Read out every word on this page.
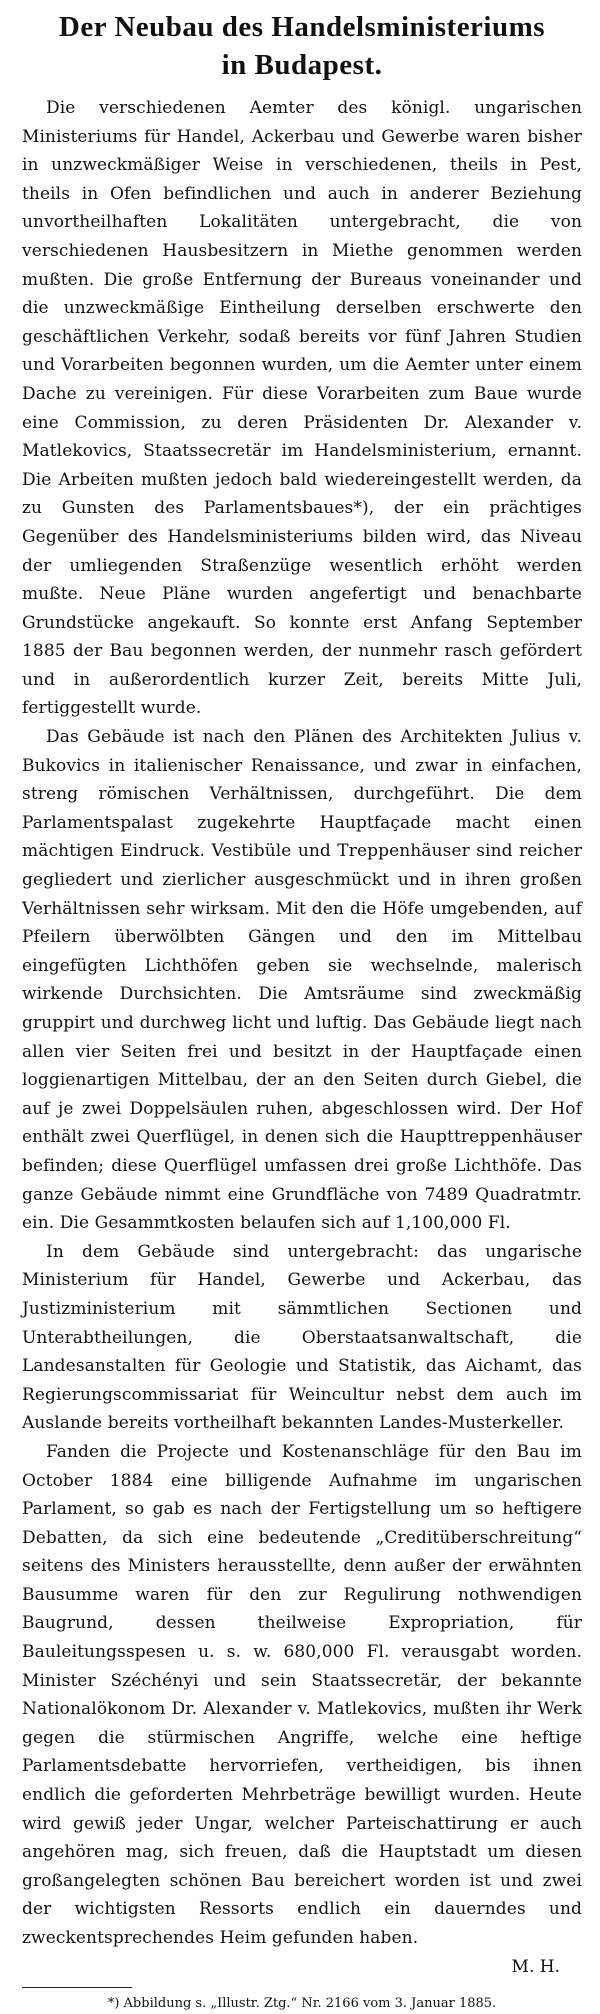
Der Neubau des Handelsministeriums
in Budapest.

Die verschiedenen Aemter des königl. ungarischen Ministeriums für Handel, Ackerbau und Gewerbe waren bisher in unzweckmäßiger Weise in verschiedenen, theils in Pest, theils in Ofen befindlichen und auch in anderer Beziehung unvortheilhaften Lokalitäten untergebracht, die von verschiedenen Hausbesitzern in Miethe genommen werden mußten. Die große Entfernung der Bureaus voneinander und die unzweckmäßige Eintheilung derselben erschwerte den geschäftlichen Verkehr, sodaß bereits vor fünf Jahren Studien und Vorarbeiten begonnen wurden, um die Aemter unter einem Dache zu vereinigen. Für diese Vorarbeiten zum Baue wurde eine Commission, zu deren Präsidenten Dr. Alexander v. Matlekovics, Staatssecretär im Handelsministerium, ernannt. Die Arbeiten mußten jedoch bald wiedereingestellt werden, da zu Gunsten des Parlamentsbaues*), der ein prächtiges Gegenüber des Handelsministeriums bilden wird, das Niveau der umliegenden Straßenzüge wesentlich erhöht werden mußte. Neue Pläne wurden angefertigt und benachbarte Grundstücke angekauft. So konnte erst Anfang September 1885 der Bau begonnen werden, der nunmehr rasch gefördert und in außerordentlich kurzer Zeit, bereits Mitte Juli, fertiggestellt wurde.

Das Gebäude ist nach den Plänen des Architekten Julius v. Bukovics in italienischer Renaissance, und zwar in einfachen, streng römischen Verhältnissen, durchgeführt. Die dem Parlamentspalast zugekehrte Hauptfaçade macht einen mächtigen Eindruck. Vestibüle und Treppenhäuser sind reicher gegliedert und zierlicher ausgeschmückt und in ihren großen Verhältnissen sehr wirksam. Mit den die Höfe umgebenden, auf Pfeilern überwölbten Gängen und den im Mittelbau eingefügten Lichthöfen geben sie wechselnde, malerisch wirkende Durchsichten. Die Amtsräume sind zweckmäßig gruppirt und durchweg licht und luftig. Das Gebäude liegt nach allen vier Seiten frei und besitzt in der Hauptfaçade einen loggienartigen Mittelbau, der an den Seiten durch Giebel, die auf je zwei Doppelsäulen ruhen, abgeschlossen wird. Der Hof enthält zwei Querflügel, in denen sich die Haupttreppenhäuser befinden; diese Querflügel umfassen drei große Lichthöfe. Das ganze Gebäude nimmt eine Grundfläche von 7489 Quadratmtr. ein. Die Gesammtkosten belaufen sich auf 1,100,000 Fl.

In dem Gebäude sind untergebracht: das ungarische Ministerium für Handel, Gewerbe und Ackerbau, das Justizministerium mit sämmtlichen Sectionen und Unterabtheilungen, die Oberstaatsanwaltschaft, die Landesanstalten für Geologie und Statistik, das Aichamt, das Regierungscommissariat für Weincultur nebst dem auch im Auslande bereits vortheilhaft bekannten Landes-Musterkeller.

Fanden die Projecte und Kostenanschläge für den Bau im October 1884 eine billigende Aufnahme im ungarischen Parlament, so gab es nach der Fertigstellung um so heftigere Debatten, da sich eine bedeutende „Creditüberschreitung“ seitens des Ministers herausstellte, denn außer der erwähnten Bausumme waren für den zur Regulirung nothwendigen Baugrund, dessen theilweise Expropriation, für Bauleitungsspesen u. s. w. 680,000 Fl. verausgabt worden. Minister Széchényi und sein Staatssecretär, der bekannte Nationalökonom Dr. Alexander v. Matlekovics, mußten ihr Werk gegen die stürmischen Angriffe, welche eine heftige Parlamentsdebatte hervorriefen, vertheidigen, bis ihnen endlich die geforderten Mehrbeträge bewilligt wurden. Heute wird gewiß jeder Ungar, welcher Parteischattirung er auch angehören mag, sich freuen, daß die Hauptstadt um diesen großangelegten schönen Bau bereichert worden ist und zwei der wichtigsten Ressorts endlich ein dauerndes und zweckentsprechendes Heim gefunden haben.

M. H.

*) Abbildung s. „Illustr. Ztg.“ Nr. 2166 vom 3. Januar 1885.
